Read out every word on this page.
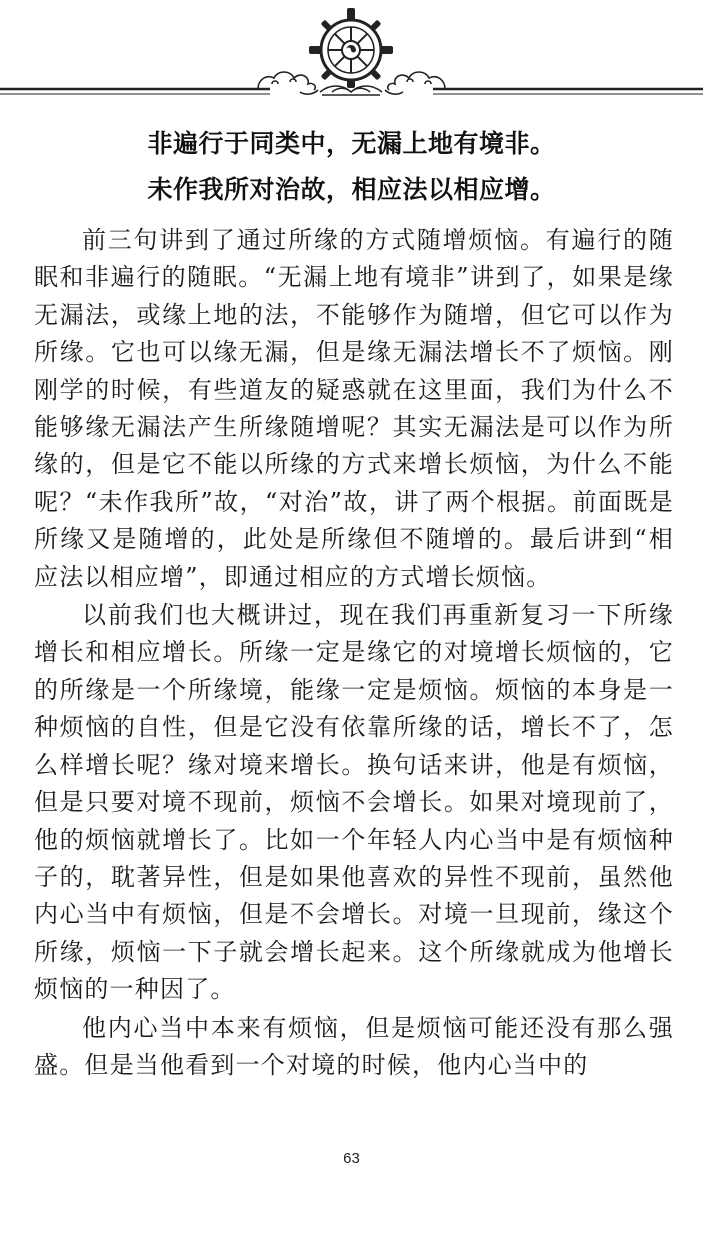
非遍行于同类中，无漏上地有境非。
未作我所对治故，相应法以相应增。

前三句讲到了通过所缘的方式随增烦恼。有遍行的随眠和非遍行的随眠。“无漏上地有境非”讲到了，如果是缘无漏法，或缘上地的法，不能够作为随增，但它可以作为所缘。它也可以缘无漏，但是缘无漏法增长不了烦恼。刚刚学的时候，有些道友的疑惑就在这里面，我们为什么不能够缘无漏法产生所缘随增呢？其实无漏法是可以作为所缘的，但是它不能以所缘的方式来增长烦恼，为什么不能呢？“未作我所”故，“对治”故，讲了两个根据。前面既是所缘又是随增的，此处是所缘但不随增的。最后讲到“相应法以相应增”，即通过相应的方式增长烦恼。

以前我们也大概讲过，现在我们再重新复习一下所缘增长和相应增长。所缘一定是缘它的对境增长烦恼的，它的所缘是一个所缘境，能缘一定是烦恼。烦恼的本身是一种烦恼的自性，但是它没有依靠所缘的话，增长不了，怎么样增长呢？缘对境来增长。换句话来讲，他是有烦恼，但是只要对境不现前，烦恼不会增长。如果对境现前了，他的烦恼就增长了。比如一个年轻人内心当中是有烦恼种子的，耽著异性，但是如果他喜欢的异性不现前，虽然他内心当中有烦恼，但是不会增长。对境一旦现前，缘这个所缘，烦恼一下子就会增长起来。这个所缘就成为他增长烦恼的一种因了。

他内心当中本来有烦恼，但是烦恼可能还没有那么强盛。但是当他看到一个对境的时候，他内心当中的

63
